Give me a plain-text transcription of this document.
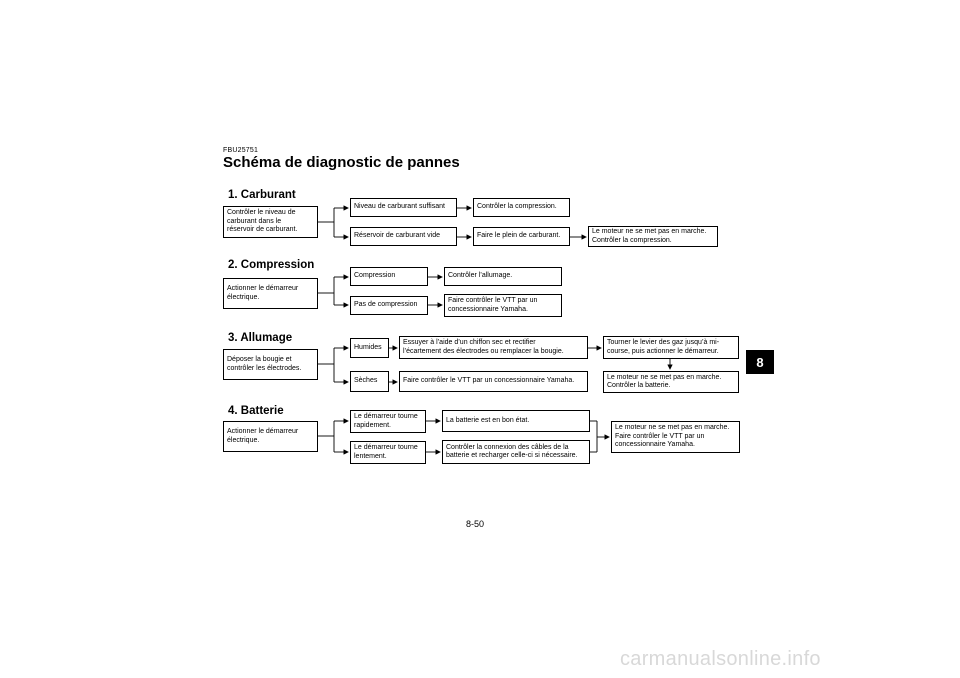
FBU25751
Schéma de diagnostic de pannes
1. Carburant
Contrôler le niveau de
carburant dans le
réservoir de carburant.
Niveau de carburant suffisant	Contrôler la compression.
Réservoir de carburant vide	Faire le plein de carburant.
Le moteur ne se met pas en marche.
Contrôler la compression.
2. Compression
Actionner le démarreur
électrique.
Compression	Contrôler l’allumage.
Pas de compression
Faire contrôler le VTT par un
concessionnaire Yamaha.
3. Allumage
Déposer la bougie et
contrôler les électrodes.
Humides
Essuyer à l’aide d’un chiffon sec et rectifier
l’écartement des électrodes ou remplacer la bougie.
Tourner le levier des gaz jusqu’à mi-
course, puis actionner le démarreur.
Le moteur ne se met pas en marche.
Contrôler la batterie.
Sèches	Faire contrôler le VTT par un concessionnaire Yamaha.
4. Batterie
Actionner le démarreur
électrique.
Le démarreur tourne
rapidement.
La batterie est en bon état.
Le démarreur tourne
lentement.
Contrôler la connexion des câbles de la
batterie et recharger celle-ci si nécessaire.
Le moteur ne se met pas en marche.
Faire contrôler le VTT par un
concessionnaire Yamaha.
8
8-50
carmanualsonline.info
